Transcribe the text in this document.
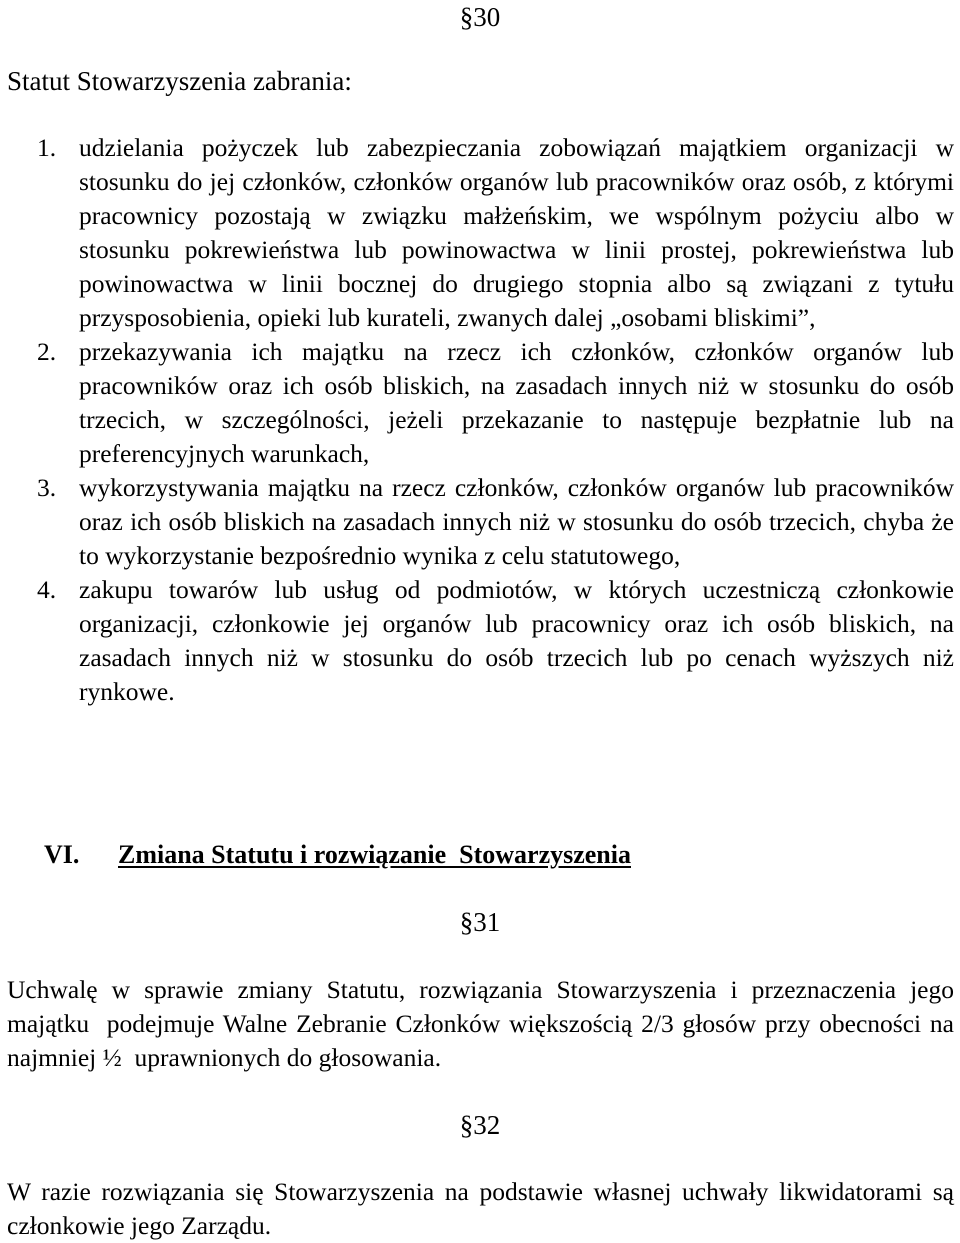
§30
Statut Stowarzyszenia zabrania:
1. udzielania pożyczek lub zabezpieczania zobowiązań majątkiem organizacji w stosunku do jej członków, członków organów lub pracowników oraz osób, z którymi pracownicy pozostają w związku małżeńskim, we wspólnym pożyciu albo w stosunku pokrewieństwa lub powinowactwa w linii prostej, pokrewieństwa lub powinowactwa w linii bocznej do drugiego stopnia albo są związani z tytułu przysposobienia, opieki lub kurateli, zwanych dalej „osobami bliskimi”,
2. przekazywania ich majątku na rzecz ich członków, członków organów lub pracowników oraz ich osób bliskich, na zasadach innych niż w stosunku do osób trzecich, w szczególności, jeżeli przekazanie to następuje bezpłatnie lub na preferencyjnych warunkach,
3. wykorzystywania majątku na rzecz członków, członków organów lub pracowników oraz ich osób bliskich na zasadach innych niż w stosunku do osób trzecich, chyba że to wykorzystanie bezpośrednio wynika z celu statutowego,
4. zakupu towarów lub usług od podmiotów, w których uczestniczą członkowie organizacji, członkowie jej organów lub pracownicy oraz ich osób bliskich, na zasadach innych niż w stosunku do osób trzecich lub po cenach wyższych niż rynkowe.
VI. Zmiana Statutu i rozwiązanie  Stowarzyszenia
§31
Uchwalę w sprawie zmiany Statutu, rozwiązania Stowarzyszenia i przeznaczenia jego majątku  podejmuje Walne Zebranie Członków większością 2/3 głosów przy obecności na najmniej ½  uprawnionych do głosowania.
§32
W razie rozwiązania się Stowarzyszenia na podstawie własnej uchwały likwidatorami są członkowie jego Zarządu.
